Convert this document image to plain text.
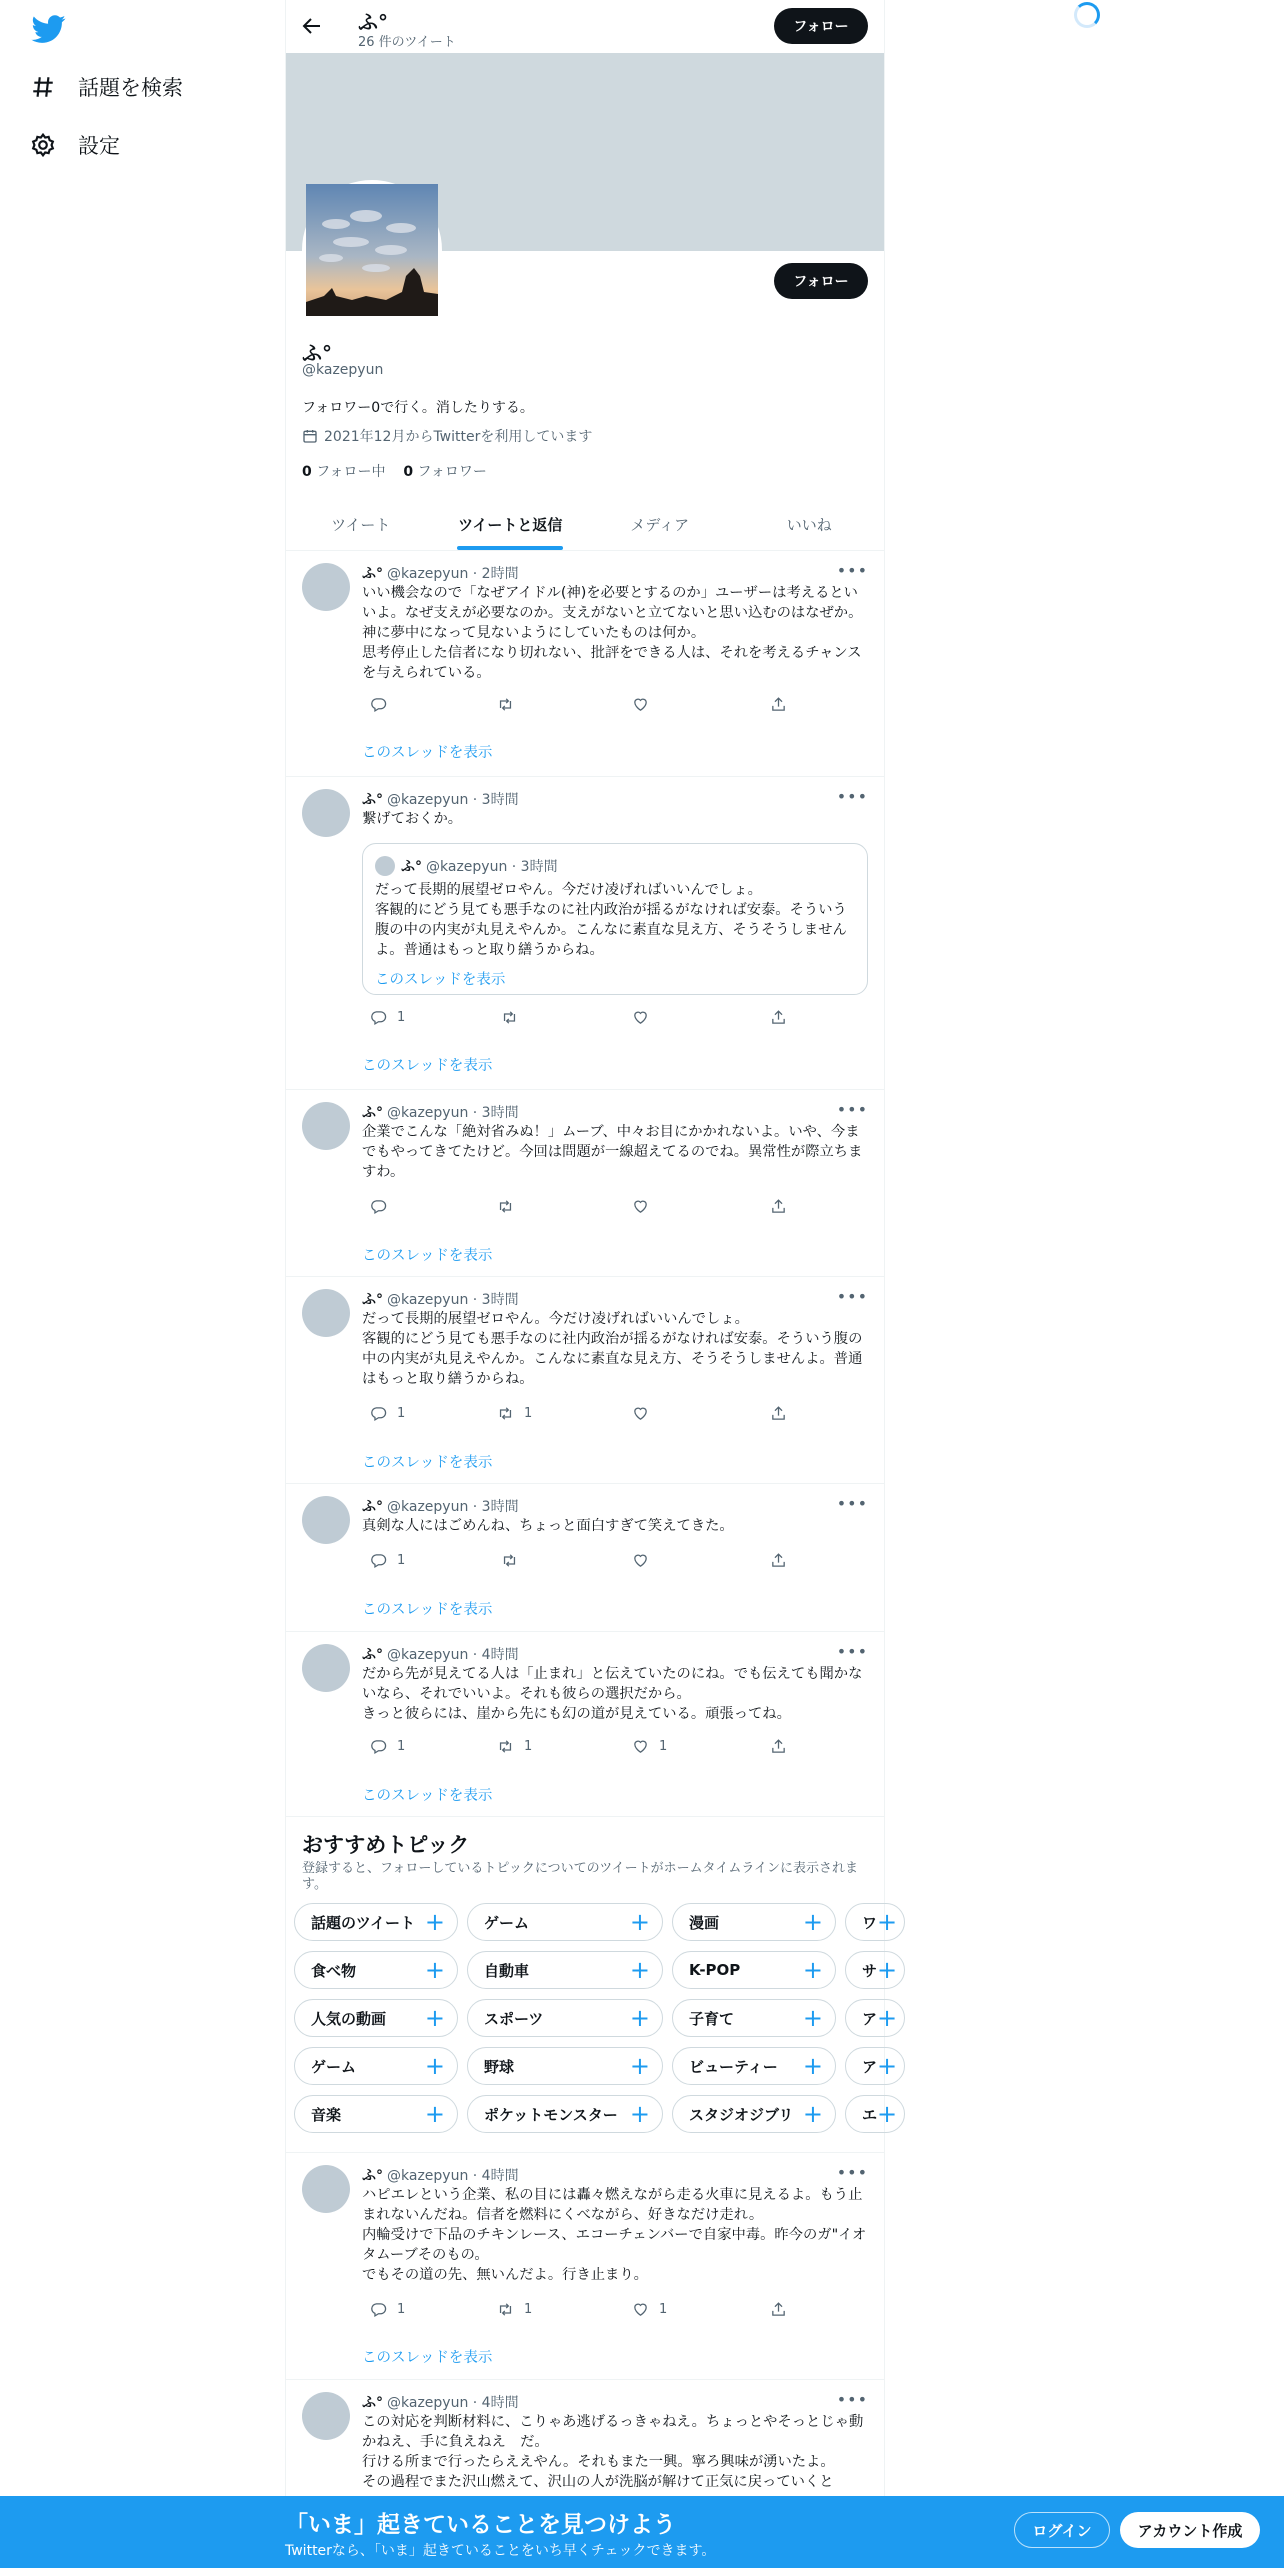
話題を検索
設定
ふ°
26 件のツイート
フォロー
フォロー
ふ°
@kazepyun
フォロワー0で行く。消したりする。
2021年12月からTwitterを利用しています
0 フォロー中 0 フォロワー
ツイート	ツイートと返信	メディア	いいね
ふ° @kazepyun · 2時間	•••
いい機会なので「なぜアイドル(神)を必要とするのか」ユーザーは考えるといいよ。なぜ支えが必要なのか。支えがないと立てないと思い込むのはなぜか。神に夢中になって見ないようにしていたものは何か。
思考停止した信者になり切れない、批評をできる人は、それを考えるチャンスを与えられている。
このスレッドを表示
ふ° @kazepyun · 3時間	•••
繋げておくか。
ふ° @kazepyun · 3時間
だって長期的展望ゼロやん。今だけ凌げればいいんでしょ。
客観的にどう見ても悪手なのに社内政治が揺るがなければ安泰。そういう腹の中の内実が丸見えやんか。こんなに素直な見え方、そうそうしませんよ。普通はもっと取り繕うからね。
このスレッドを表示
1
このスレッドを表示
ふ° @kazepyun · 3時間	•••
企業でこんな「絶対省みぬ！」ムーブ、中々お目にかかれないよ。いや、今までもやってきてたけど。今回は問題が一線超えてるのでね。異常性が際立ちますわ。
このスレッドを表示
ふ° @kazepyun · 3時間	•••
だって長期的展望ゼロやん。今だけ凌げればいいんでしょ。
客観的にどう見ても悪手なのに社内政治が揺るがなければ安泰。そういう腹の中の内実が丸見えやんか。こんなに素直な見え方、そうそうしませんよ。普通はもっと取り繕うからね。
1	1
このスレッドを表示
ふ° @kazepyun · 3時間	•••
真剣な人にはごめんね、ちょっと面白すぎて笑えてきた。
1
このスレッドを表示
ふ° @kazepyun · 4時間	•••
だから先が見えてる人は「止まれ」と伝えていたのにね。でも伝えても聞かないなら、それでいいよ。それも彼らの選択だから。
きっと彼らには、崖から先にも幻の道が見えている。頑張ってね。
1	1	1
このスレッドを表示
ふ° @kazepyun · 4時間	•••
ハピエレという企業、私の目には轟々燃えながら走る火車に見えるよ。もう止まれないんだね。信者を燃料にくべながら、好きなだけ走れ。
内輪受けで下品のチキンレース、エコーチェンバーで自家中毒。昨今のガ"イオタムーブそのもの。
でもその道の先、無いんだよ。行き止まり。
1	1	1
このスレッドを表示
ふ° @kazepyun · 4時間	•••
この対応を判断材料に、こりゃあ逃げるっきゃねえ。ちょっとやそっとじゃ動かねえ、手に負えねえ　だ。
行ける所まで行ったらええやん。それもまた一興。寧ろ興味が湧いたよ。
その過程でまた沢山燃えて、沢山の人が洗脳が解けて正気に戻っていくと
おすすめトピック
登録すると、フォローしているトピックについてのツイートがホームタイムラインに表示されます。
話題のツイート +	ゲーム	+	漫画	+	ワ +
食べ物	+	自動車	+	K-POP	+	サ +
人気の動画 +	スポーツ	+	子育て	+	ア +
ゲーム	+	野球	+	ビューティー +	ア +
音楽	+	ポケットモンスター +	スタジオジブリ +	エ +
「いま」起きていることを見つけよう
Twitterなら、「いま」起きていることをいち早くチェックできます。
ログイン	アカウント作成
